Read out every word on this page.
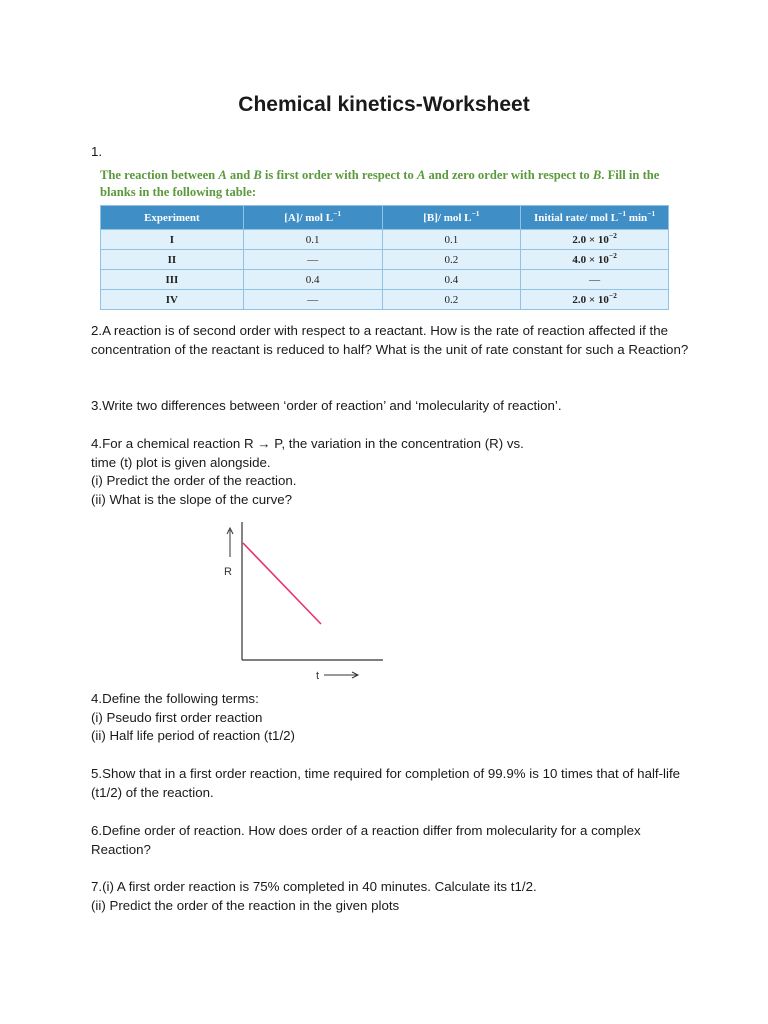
Chemical kinetics-Worksheet
1.
The reaction between A and B is first order with respect to A and zero order with respect to B. Fill in the blanks in the following table:
Experiment	[A]/ mol $L^{-1}$	[B]/ mol $L^{-1}$	Initial rate/ mol $L^{-1}$ $\min^{-1}$
I	0.1	0.1	$2.0 \times 10^{-2}$
II	—	0.2	$4.0 \times 10^{-2}$
III	0.4	0.4	—
IV	—	0.2	$2.0 \times 10^{-2}$
2.A reaction is of second order with respect to a reactant. How is the rate of reaction affected if the concentration of the reactant is reduced to half? What is the unit of rate constant for such a Reaction?
3.Write two differences between ‘order of reaction’ and ‘molecularity of reaction’.
4.For a chemical reaction R → P, the variation in the concentration (R) vs.
time (t) plot is given alongside.
(i) Predict the order of the reaction.
(ii) What is the slope of the curve?
R
t
4.Define the following terms:
(i) Pseudo first order reaction
(ii) Half life period of reaction (t1/2)
5.Show that in a first order reaction, time required for completion of 99.9% is 10 times that of half-life (t1/2) of the reaction.
6.Define order of reaction. How does order of a reaction differ from molecularity for a complex Reaction?
7.(i) A first order reaction is 75% completed in 40 minutes. Calculate its t1/2.
(ii) Predict the order of the reaction in the given plots
